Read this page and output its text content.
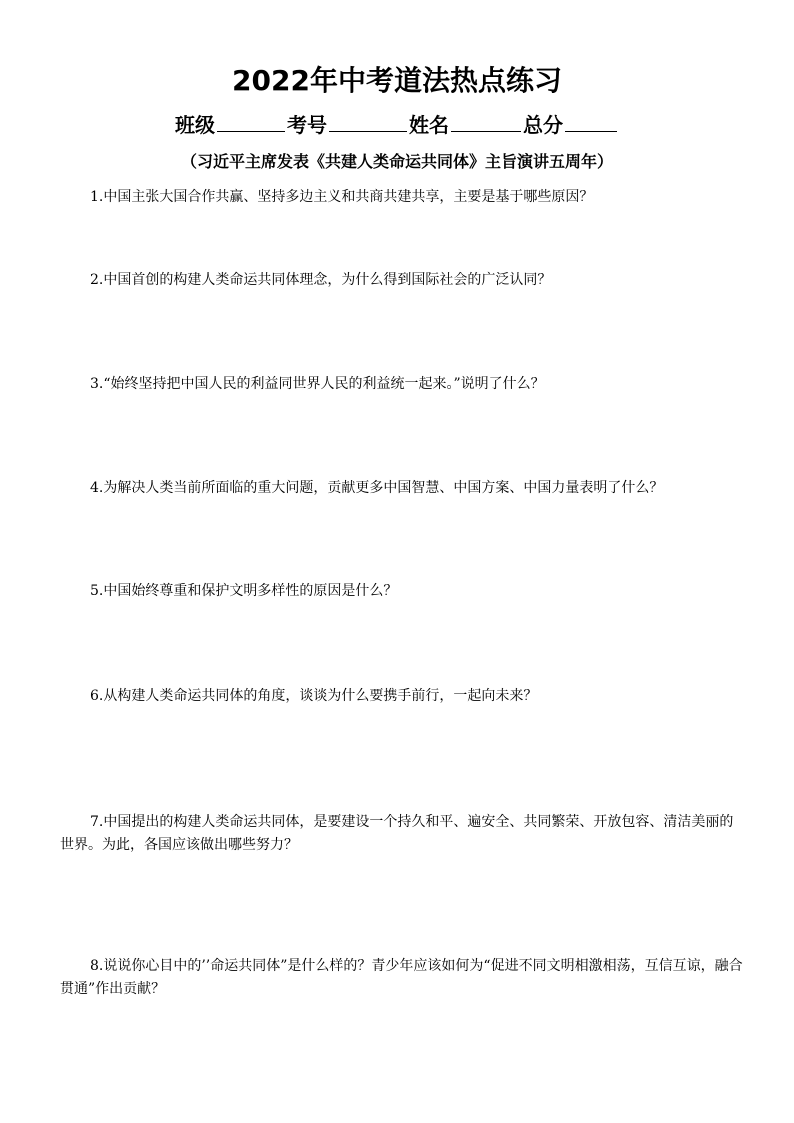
2022年中考道法热点练习
班级	考号	姓名	总分
（习近平主席发表《共建人类命运共同体》主旨演讲五周年）

1.中国主张大国合作共赢、坚持多边主义和共商共建共享，主要是基于哪些原因？

2.中国首创的构建人类命运共同体理念，为什么得到国际社会的广泛认同？

3.“始终坚持把中国人民的利益同世界人民的利益统一起来。”说明了什么？

4.为解决人类当前所面临的重大问题，贡献更多中国智慧、中国方案、中国力量表明了什么？

5.中国始终尊重和保护文明多样性的原因是什么？

6.从构建人类命运共同体的角度，谈谈为什么要携手前行，一起向未来？

7.中国提出的构建人类命运共同体，是要建设一个持久和平、遍安全、共同繁荣、开放包容、清洁美丽的世界。为此，各国应该做出哪些努力？

8.说说你心目中的’’命运共同体”是什么样的？青少年应该如何为“促进不同文明相激相荡，互信互谅，融合贯通”作出贡献？
